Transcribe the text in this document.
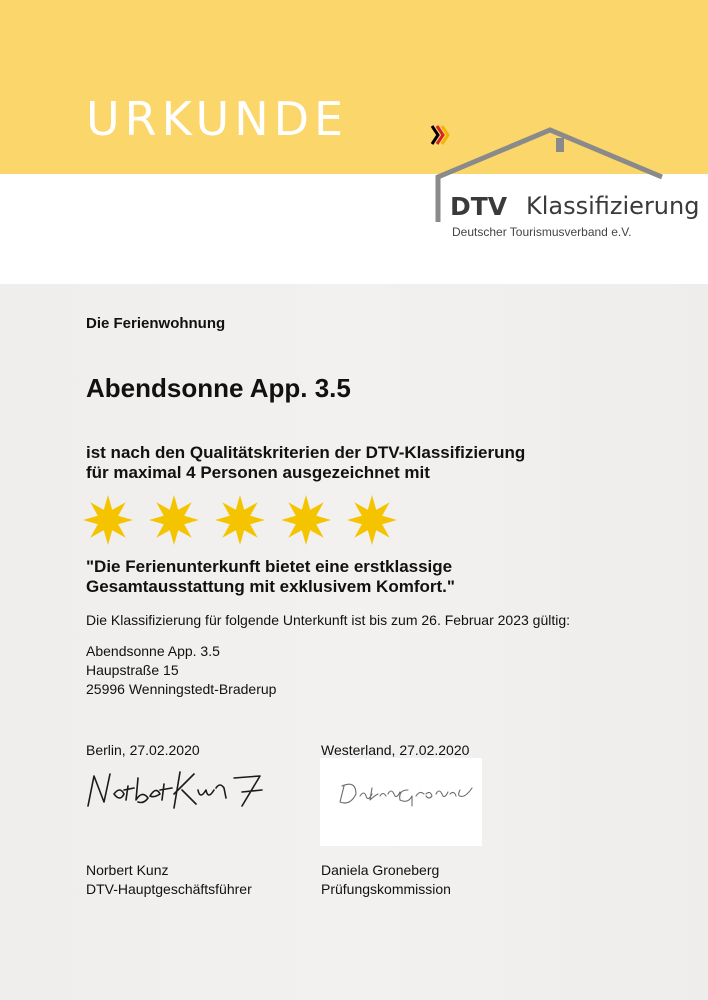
URKUNDE
DTV Klassifizierung
Deutscher Tourismusverband e.V.
Die Ferienwohnung
Abendsonne App. 3.5
ist nach den Qualitätskriterien der DTV-Klassifizierung
für maximal 4 Personen ausgezeichnet mit
"Die Ferienunterkunft bietet eine erstklassige
Gesamtausstattung mit exklusivem Komfort."
Die Klassifizierung für folgende Unterkunft ist bis zum 26. Februar 2023 gültig:
Abendsonne App. 3.5
Haupstraße 15
25996 Wenningstedt-Braderup
Berlin, 27.02.2020	Westerland, 27.02.2020
Norbert Kunz
DTV-Hauptgeschäftsführer
Daniela Groneberg
Prüfungskommission
